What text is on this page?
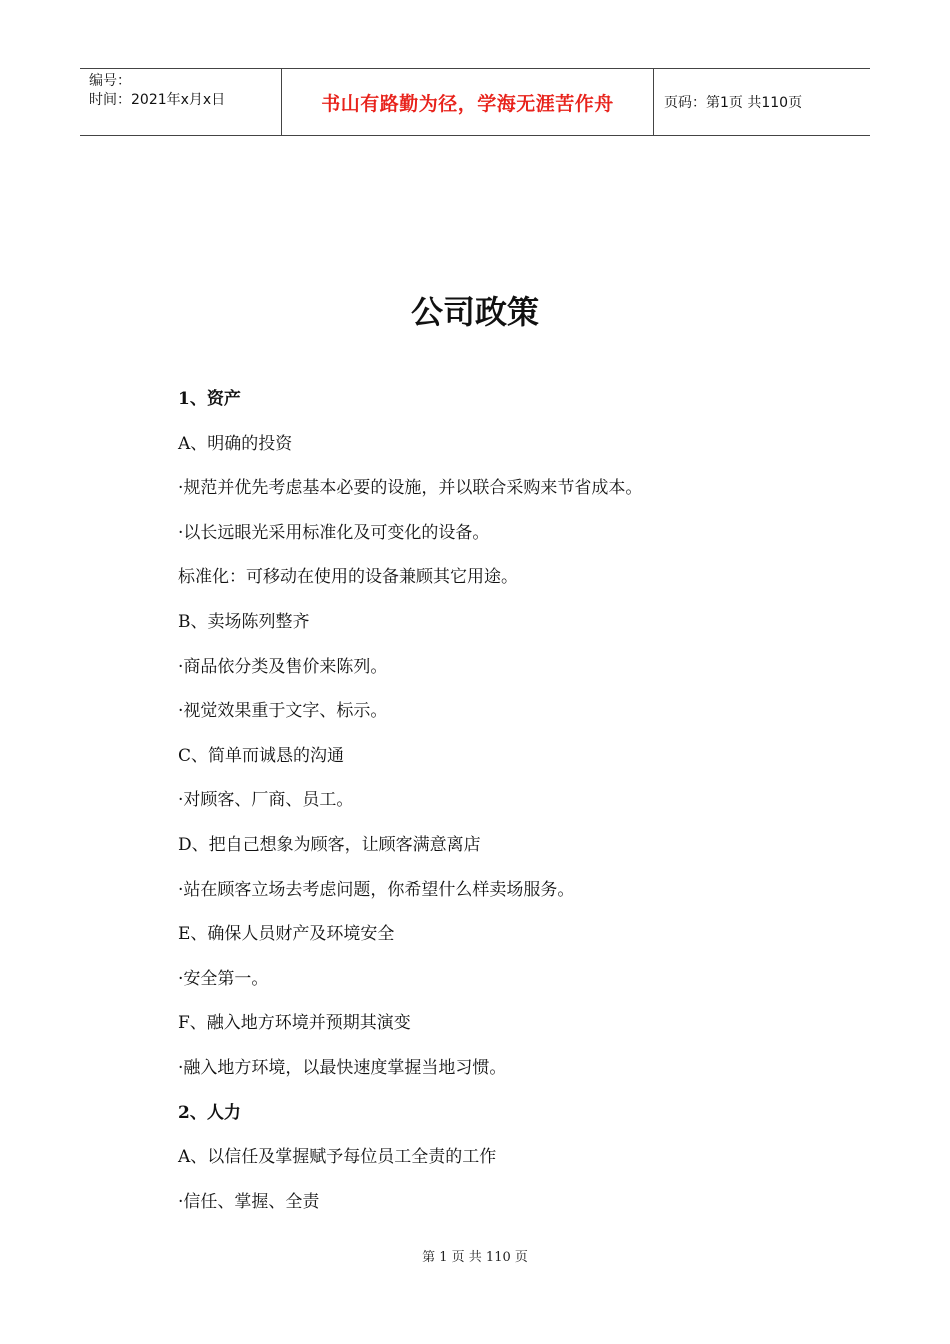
编号：
时间：2021年x月x日	书山有路勤为径，学海无涯苦作舟	页码：第1页 共110页
公司政策
1、资产
A、明确的投资
·规范并优先考虑基本必要的设施，并以联合采购来节省成本。
·以长远眼光采用标准化及可变化的设备。
标准化：可移动在使用的设备兼顾其它用途。
B、卖场陈列整齐
·商品依分类及售价来陈列。
·视觉效果重于文字、标示。
C、简单而诚恳的沟通
·对顾客、厂商、员工。
D、把自己想象为顾客，让顾客满意离店
·站在顾客立场去考虑问题，你希望什么样卖场服务。
E、确保人员财产及环境安全
·安全第一。
F、融入地方环境并预期其演变
·融入地方环境，以最快速度掌握当地习惯。
2、人力
A、以信任及掌握赋予每位员工全责的工作
·信任、掌握、全责
第 1 页 共 110 页
